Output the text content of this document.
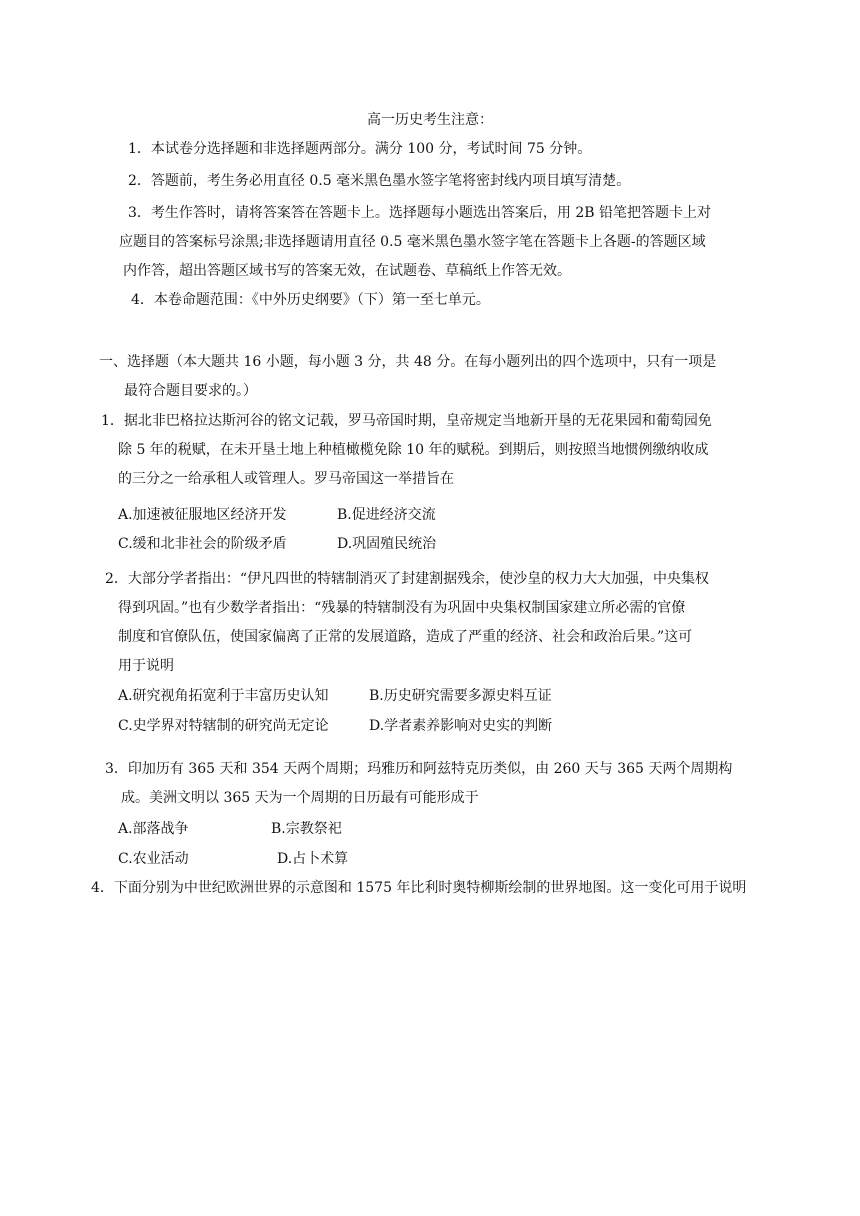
高一历史考生注意：
1．本试卷分选择题和非选择题两部分。满分 100 分，考试时间 75 分钟。
2．答题前，考生务必用直径 0.5 毫米黑色墨水签字笔将密封线内项目填写清楚。
3．考生作答时，请将答案答在答题卡上。选择题每小题选出答案后，用 2B 铅笔把答题卡上对
应题目的答案标号涂黑;非选择题请用直径 0.5 毫米黑色墨水签字笔在答题卡上各题-的答题区域
内作答，超出答题区域书写的答案无效，在试题卷、草稿纸上作答无效。
4．本卷命题范围：《中外历史纲要》（下）第一至七单元。
一、选择题（本大题共 16 小题，每小题 3 分，共 48 分。在每小题列出的四个选项中，只有一项是
最符合题目要求的。）
1．据北非巴格拉达斯河谷的铭文记载，罗马帝国时期，皇帝规定当地新开垦的无花果园和葡萄园免
除 5 年的税赋，在未开垦土地上种植橄榄免除 10 年的赋税。到期后，则按照当地惯例缴纳收成
的三分之一给承租人或管理人。罗马帝国这一举措旨在
A.加速被征服地区经济开发	B.促进经济交流
C.缓和北非社会的阶级矛盾	D.巩固殖民统治
2．大部分学者指出：“伊凡四世的特辖制消灭了封建割据残余，使沙皇的权力大大加强，中央集权
得到巩固。”也有少数学者指出：“残暴的特辖制没有为巩固中央集权制国家建立所必需的官僚
制度和官僚队伍，使国家偏离了正常的发展道路，造成了严重的经济、社会和政治后果。”这可
用于说明
A.研究视角拓宽利于丰富历史认知	B.历史研究需要多源史料互证
C.史学界对特辖制的研究尚无定论	D.学者素养影响对史实的判断
3．印加历有 365 天和 354 天两个周期；玛雅历和阿兹特克历类似，由 260 天与 365 天两个周期构
成。美洲文明以 365 天为一个周期的日历最有可能形成于
A.部落战争	B.宗教祭祀
C.农业活动	D.占卜术算
4．下面分别为中世纪欧洲世界的示意图和 1575 年比利时奥特柳斯绘制的世界地图。这一变化可用于说明
